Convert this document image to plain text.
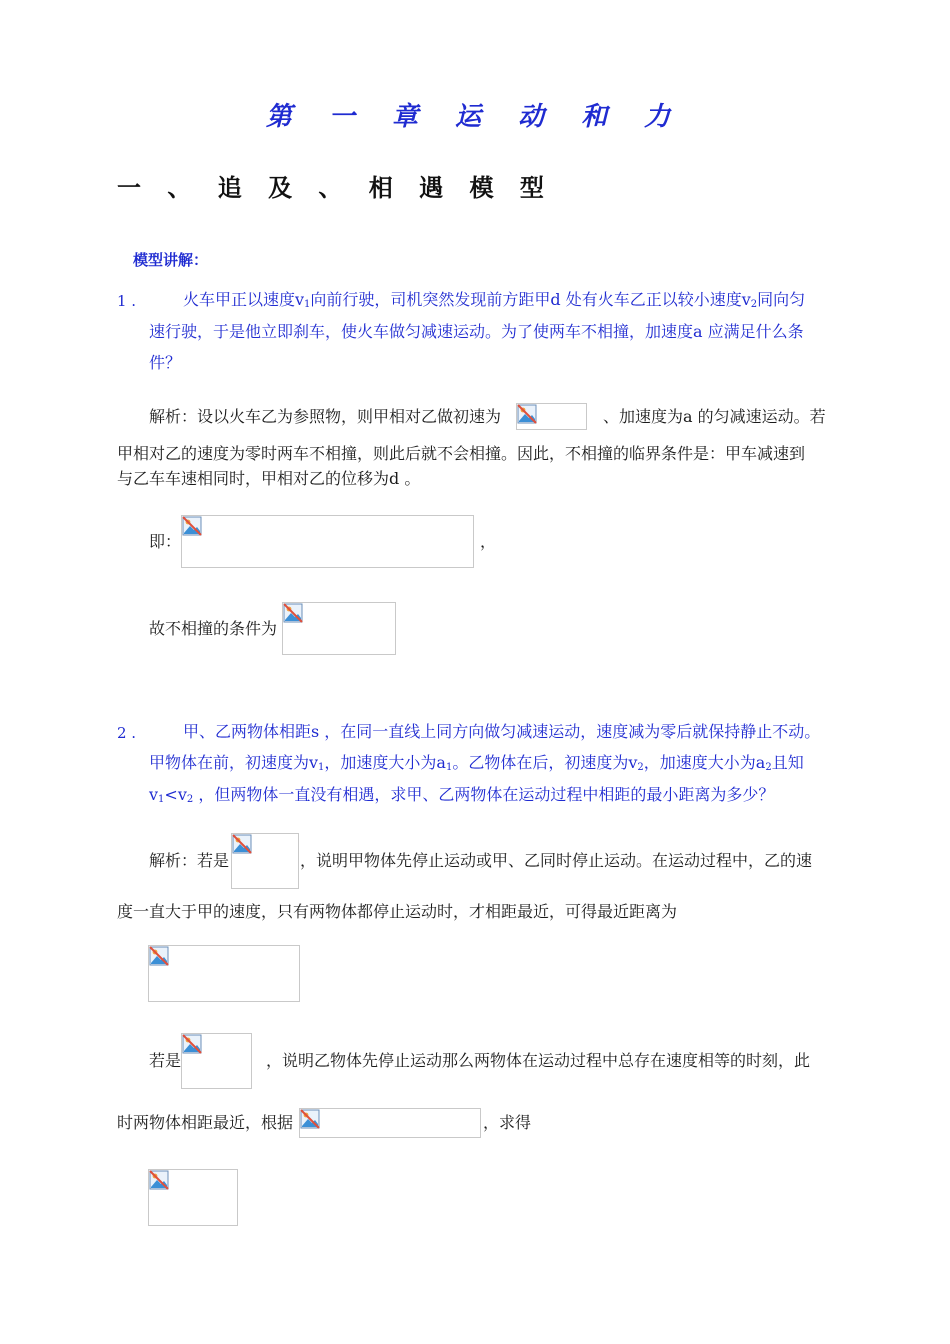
第 一 章 运 动 和 力
一 、 追 及 、 相 遇 模 型
模型讲解：
1 .	火车甲正以速度$v_1$向前行驶，司机突然发现前方距甲d 处有火车乙正以较小速度$v_2$同向匀
速行驶，于是他立即刹车，使火车做匀减速运动。为了使两车不相撞，加速度a 应满足什么条
件？
解析：设以火车乙为参照物，则甲相对乙做初速为	、加速度为a 的匀减速运动。若
甲相对乙的速度为零时两车不相撞，则此后就不会相撞。因此，不相撞的临界条件是：甲车减速到
与乙车车速相同时，甲相对乙的位移为d 。
即：	，
故不相撞的条件为
2 .	甲、乙两物体相距s ，在同一直线上同方向做匀减速运动，速度减为零后就保持静止不动。
甲物体在前，初速度为$v_1$，加速度大小为$a_1$。乙物体在后，初速度为$v_2$，加速度大小为$a_2$且知
$v_1<v_2$ ，但两物体一直没有相遇，求甲、乙两物体在运动过程中相距的最小距离为多少？
解析：若是	，说明甲物体先停止运动或甲、乙同时停止运动。在运动过程中，乙的速
度一直大于甲的速度，只有两物体都停止运动时，才相距最近，可得最近距离为
若是	，说明乙物体先停止运动那么两物体在运动过程中总存在速度相等的时刻，此
时两物体相距最近，根据	，求得
